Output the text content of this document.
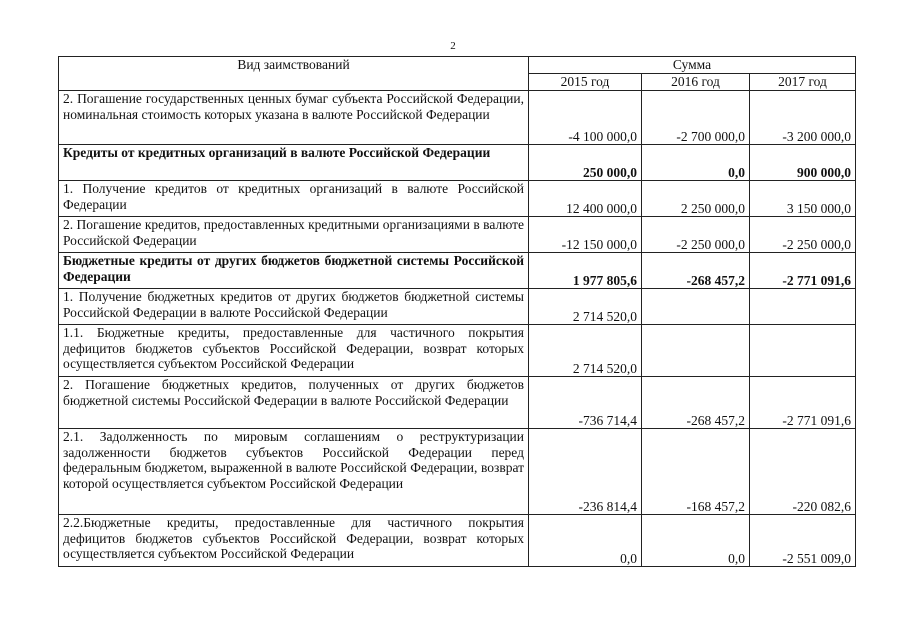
2
Вид заимствований	Сумма		
	2015 год	2016 год	2017 год
2. Погашение государственных ценных бумаг субъекта Российской Федерации, номинальная стоимость которых указана в валюте Российской Федерации	-4 100 000,0	-2 700 000,0	-3 200 000,0
Кредиты от кредитных организаций в валюте Российской Федерации	250 000,0	0,0	900 000,0
1. Получение кредитов от кредитных организаций в валюте Российской Федерации	12 400 000,0	2 250 000,0	3 150 000,0
2. Погашение кредитов, предоставленных кредитными организациями в валюте Российской Федерации	-12 150 000,0	-2 250 000,0	-2 250 000,0
Бюджетные кредиты от других бюджетов бюджетной системы Российской Федерации	1 977 805,6	-268 457,2	-2 771 091,6
1. Получение бюджетных кредитов от других бюджетов бюджетной системы Российской Федерации в валюте Российской Федерации	2 714 520,0		
1.1. Бюджетные кредиты, предоставленные для частичного покрытия дефицитов бюджетов субъектов Российской Федерации, возврат которых осуществляется субъектом Российской Федерации	2 714 520,0		
2. Погашение бюджетных кредитов, полученных от других бюджетов бюджетной системы Российской Федерации в валюте Российской Федерации	-736 714,4	-268 457,2	-2 771 091,6
2.1. Задолженность по мировым соглашениям о реструктуризации задолженности бюджетов субъектов Российской Федерации перед федеральным бюджетом, выраженной в валюте Российской Федерации, возврат которой осуществляется субъектом Российской Федерации	-236 814,4	-168 457,2	-220 082,6
2.2.Бюджетные кредиты, предоставленные для частичного покрытия дефицитов бюджетов субъектов Российской Федерации, возврат которых осуществляется субъектом Российской Федерации	0,0	0,0	-2 551 009,0
